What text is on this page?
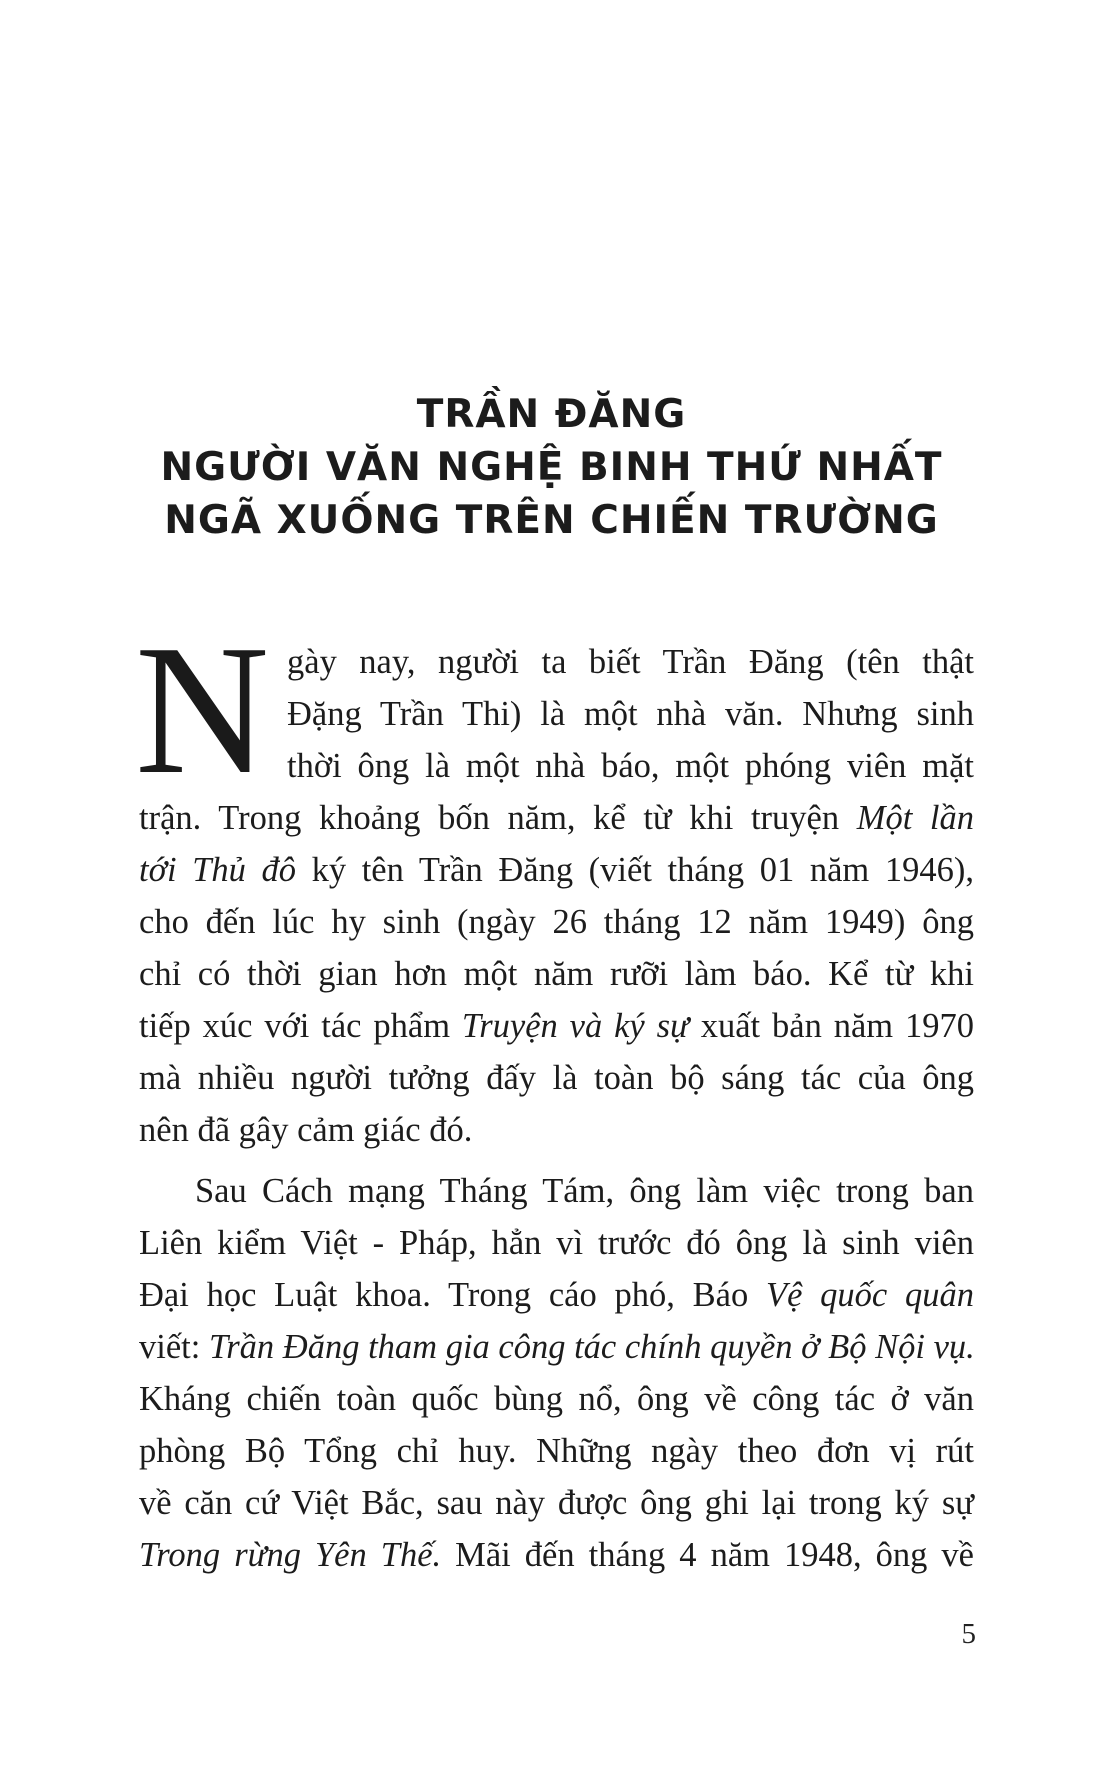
TRẦN ĐĂNG
NGƯỜI VĂN NGHỆ BINH THỨ NHẤT
NGÃ XUỐNG TRÊN CHIẾN TRƯỜNG
N gày nay, người ta biết Trần Đăng (tên thật
Đặng Trần Thi) là một nhà văn. Nhưng sinh
thời ông là một nhà báo, một phóng viên mặt
trận. Trong khoảng bốn năm, kể từ khi truyện Một lần
tới Thủ đô ký tên Trần Đăng (viết tháng 01 năm 1946),
cho đến lúc hy sinh (ngày 26 tháng 12 năm 1949) ông
chỉ có thời gian hơn một năm rưỡi làm báo. Kể từ khi
tiếp xúc với tác phẩm Truyện và ký sự xuất bản năm 1970
mà nhiều người tưởng đấy là toàn bộ sáng tác của ông
nên đã gây cảm giác đó.
Sau Cách mạng Tháng Tám, ông làm việc trong ban
Liên kiểm Việt - Pháp, hẳn vì trước đó ông là sinh viên
Đại học Luật khoa. Trong cáo phó, Báo Vệ quốc quân
viết: Trần Đăng tham gia công tác chính quyền ở Bộ Nội vụ.
Kháng chiến toàn quốc bùng nổ, ông về công tác ở văn
phòng Bộ Tổng chỉ huy. Những ngày theo đơn vị rút
về căn cứ Việt Bắc, sau này được ông ghi lại trong ký sự
Trong rừng Yên Thế. Mãi đến tháng 4 năm 1948, ông về
5
